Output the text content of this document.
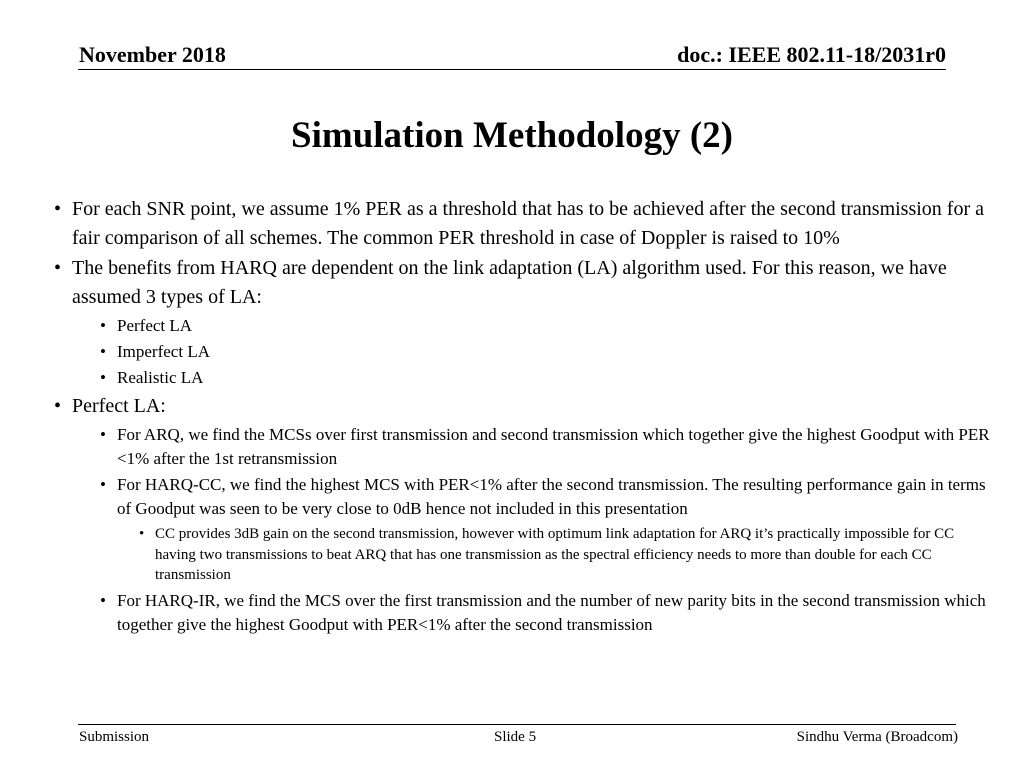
November 2018	doc.: IEEE 802.11-18/2031r0
Simulation Methodology (2)
• For each SNR point, we assume 1% PER as a threshold that has to be achieved after the second transmission for a fair comparison of all schemes. The common PER threshold in case of Doppler is raised to 10%
• The benefits from HARQ are dependent on the link adaptation (LA) algorithm used. For this reason, we have assumed 3 types of LA:
• Perfect LA
• Imperfect LA
• Realistic LA
• Perfect LA:
• For ARQ, we find the MCSs over first transmission and second transmission which together give the highest Goodput with PER <1% after the 1st retransmission
• For HARQ-CC, we find the highest MCS with PER<1% after the second transmission. The resulting performance gain in terms of Goodput was seen to be very close to 0dB hence not included in this presentation
• CC provides 3dB gain on the second transmission, however with optimum link adaptation for ARQ it’s practically impossible for CC having two transmissions to beat ARQ that has one transmission as the spectral efficiency needs to more than double for each CC transmission
• For HARQ-IR, we find the MCS over the first transmission and the number of new parity bits in the second transmission which together give the highest Goodput with PER<1% after the second transmission
Submission	Slide 5	Sindhu Verma (Broadcom)
